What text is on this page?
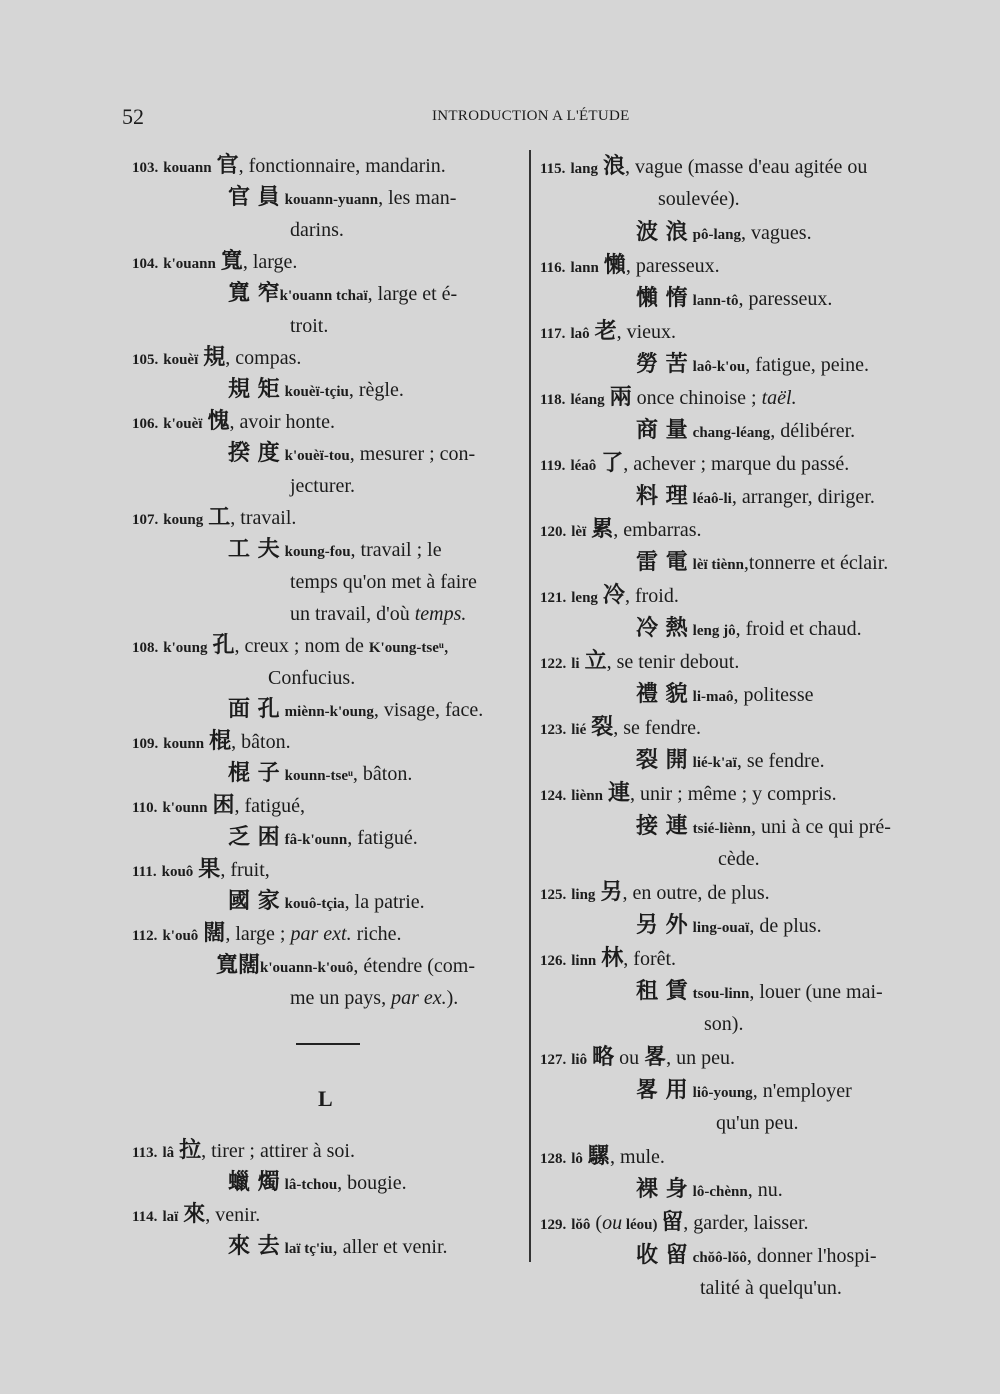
52	INTRODUCTION A L'ÉTUDE
103. kouann 官, fonctionnaire, mandarin.
官 員 kouann-yuann, les man-
darins.
104. k'ouann 寬, large.
寬 窄k'ouann tchaï, large et é-
troit.
105. kouèï 規, compas.
規 矩 kouèï-tçiu, règle.
106. k'ouèï 愧, avoir honte.
揆 度 k'ouèï-tou, mesurer ; con-
jecturer.
107. koung 工, travail.
工 夫 koung-fou, travail ; le
temps qu'on met à faire
un travail, d'où temps.
108. k'oung 孔, creux ; nom de K'oung-tseᵘ,
Confucius.
面 孔 miènn-k'oung, visage, face.
109. kounn 棍, bâton.
棍 子 kounn-tseᵘ, bâton.
110. k'ounn 困, fatigué,
乏 困 fâ-k'ounn, fatigué.
111. kouô 果, fruit,
國 家 kouô-tçia, la patrie.
112. k'ouô 闊, large ; par ext. riche.
寬闊k'ouann-k'ouô, étendre (com-
me un pays, par ex.).
L
113. lâ 拉, tirer ; attirer à soi.
蠟 燭 lâ-tchou, bougie.
114. laï 來, venir.
來 去 laï tç'iu, aller et venir.
115. lang 浪, vague (masse d'eau agitée ou
soulevée).
波 浪 pô-lang, vagues.
116. lann 懶, paresseux.
懶 惰 lann-tô, paresseux.
117. laô 老, vieux.
勞 苦 laô-k'ou, fatigue, peine.
118. léang 兩 once chinoise ; taël.
商 量 chang-léang, délibérer.
119. léaô 了, achever ; marque du passé.
料 理 léaô-li, arranger, diriger.
120. lèï 累, embarras.
雷 電 lèï tiènn,tonnerre et éclair.
121. leng 冷, froid.
冷 熱 leng jô, froid et chaud.
122. li 立, se tenir debout.
禮 貌 li-maô, politesse
123. lié 裂, se fendre.
裂 開 lié-k'aï, se fendre.
124. liènn 連, unir ; même ; y compris.
接 連 tsié-liènn, uni à ce qui pré-
cède.
125. ling 另, en outre, de plus.
另 外 ling-ouaï, de plus.
126. linn 林, forêt.
租 賃 tsou-linn, louer (une mai-
son).
127. liô 略 ou 畧, un peu.
畧 用 liô-young, n'employer
qu'un peu.
128. lô 騾, mule.
裸 身 lô-chènn, nu.
129. lŏô (ou léou) 留, garder, laisser.
收 留 chŏô-lŏô, donner l'hospi-
talité à quelqu'un.
